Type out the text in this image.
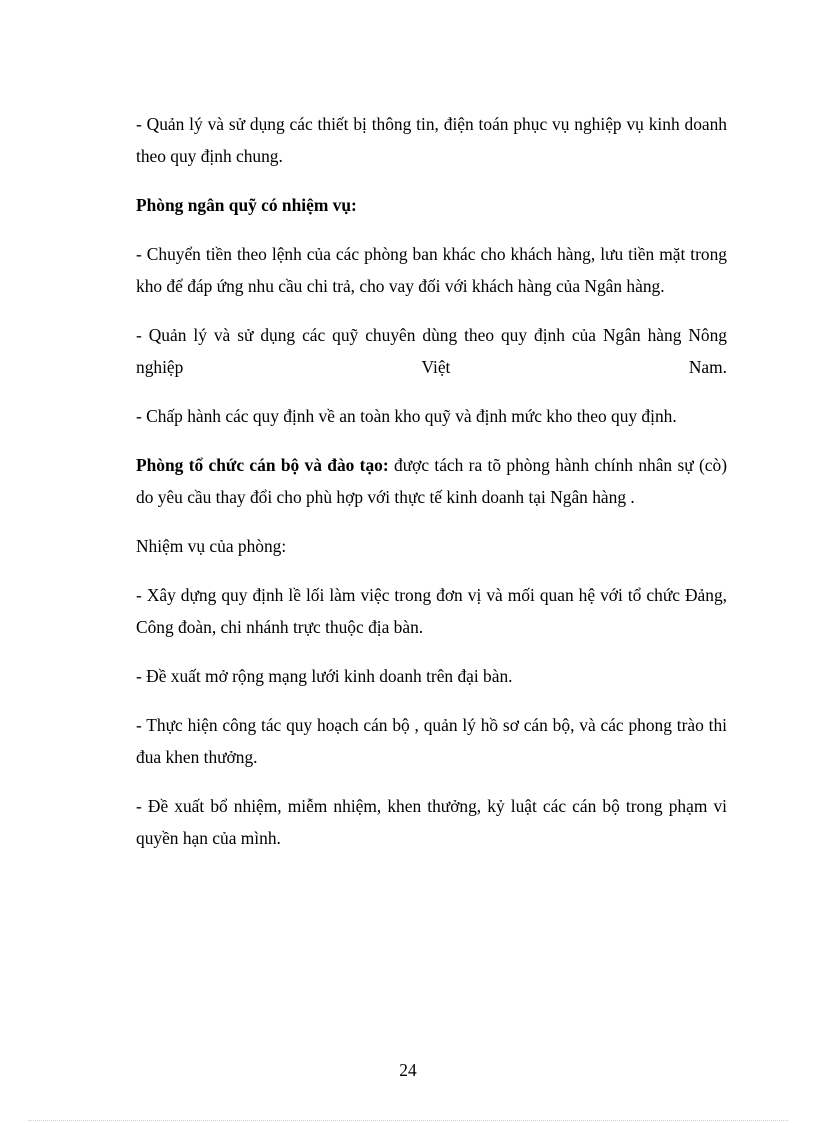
- Quản lý và sử dụng các thiết bị thông tin, điện toán phục vụ nghiệp vụ kinh doanh theo quy định chung.

Phòng ngân quỹ có nhiệm vụ:

- Chuyển tiền theo lệnh của các phòng ban khác cho khách hàng, lưu tiền mặt trong kho để đáp ứng nhu cầu chi trả, cho vay đối với khách hàng của Ngân hàng.

- Quản lý và sử dụng các quỹ chuyên dùng theo quy định của Ngân hàng Nông nghiệp Việt Nam.

- Chấp hành các quy định về an toàn kho quỹ và định mức kho theo quy định.

Phòng tổ chức cán bộ và đào tạo: được tách ra tõ phòng hành chính nhân sự (cò) do yêu cầu thay đổi cho phù hợp với thực tế kinh doanh tại Ngân hàng .

Nhiệm vụ của phòng:

- Xây dựng quy định lề lối làm việc trong đơn vị và mối quan hệ với tổ chức Đảng, Công đoàn, chi nhánh trực thuộc địa bàn.

- Đề xuất mở rộng mạng lưới kinh doanh trên đại bàn.

- Thực hiện công tác quy hoạch cán bộ , quản lý hồ sơ cán bộ, và các phong trào thi đua khen thưởng.

- Đề xuất bổ nhiệm, miễm nhiệm, khen thưởng, kỷ luật các cán bộ trong phạm vi quyền hạn của mình.

24
